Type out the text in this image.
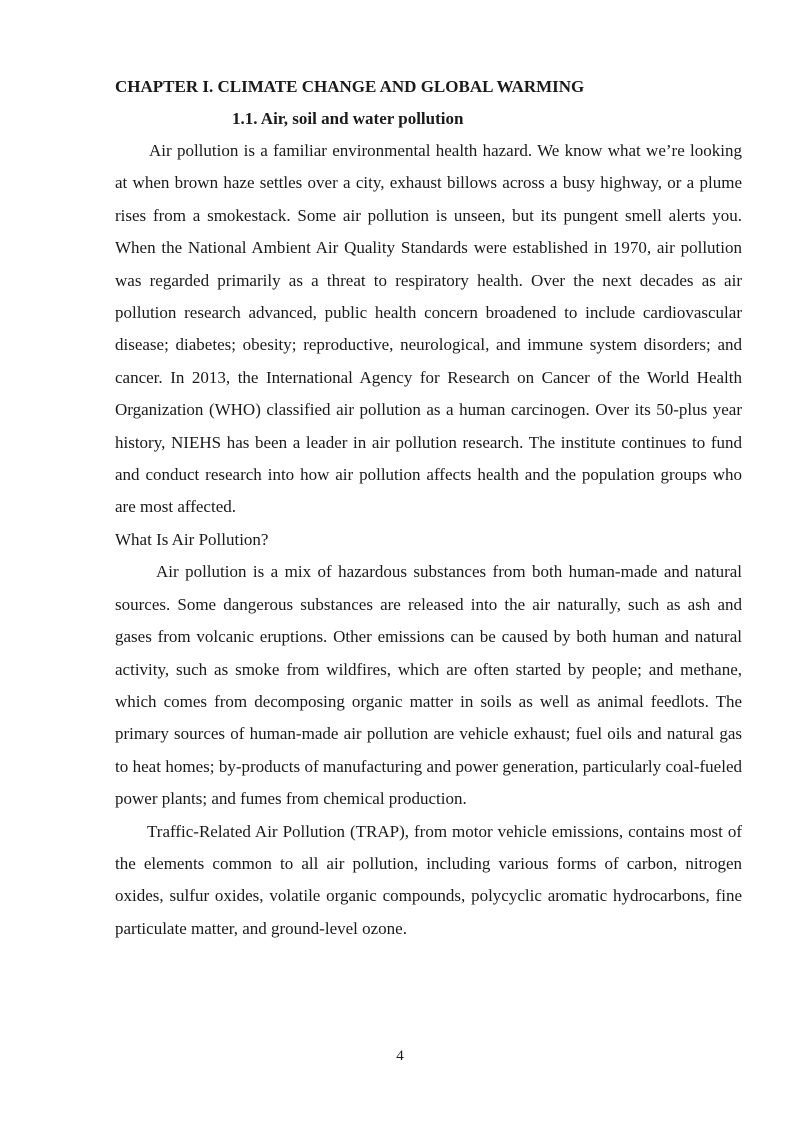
CHAPTER I. CLIMATE CHANGE AND GLOBAL WARMING
1.1. Air, soil and water pollution

Air pollution is a familiar environmental health hazard. We know what we’re looking at when brown haze settles over a city, exhaust billows across a busy highway, or a plume rises from a smokestack. Some air pollution is unseen, but its pungent smell alerts you. When the National Ambient Air Quality Standards were established in 1970, air pollution was regarded primarily as a threat to respiratory health. Over the next decades as air pollution research advanced, public health concern broadened to include cardiovascular disease; diabetes; obesity; reproductive, neurological, and immune system disorders; and cancer. In 2013, the International Agency for Research on Cancer of the World Health Organization (WHO) classified air pollution as a human carcinogen. Over its 50-plus year history, NIEHS has been a leader in air pollution research. The institute continues to fund and conduct research into how air pollution affects health and the population groups who are most affected.

What Is Air Pollution?

Air pollution is a mix of hazardous substances from both human-made and natural sources. Some dangerous substances are released into the air naturally, such as ash and gases from volcanic eruptions. Other emissions can be caused by both human and natural activity, such as smoke from wildfires, which are often started by people; and methane, which comes from decomposing organic matter in soils as well as animal feedlots. The primary sources of human-made air pollution are vehicle exhaust; fuel oils and natural gas to heat homes; by-products of manufacturing and power generation, particularly coal-fueled power plants; and fumes from chemical production.

Traffic-Related Air Pollution (TRAP), from motor vehicle emissions, contains most of the elements common to all air pollution, including various forms of carbon, nitrogen oxides, sulfur oxides, volatile organic compounds, polycyclic aromatic hydrocarbons, fine particulate matter, and ground-level ozone.

4
